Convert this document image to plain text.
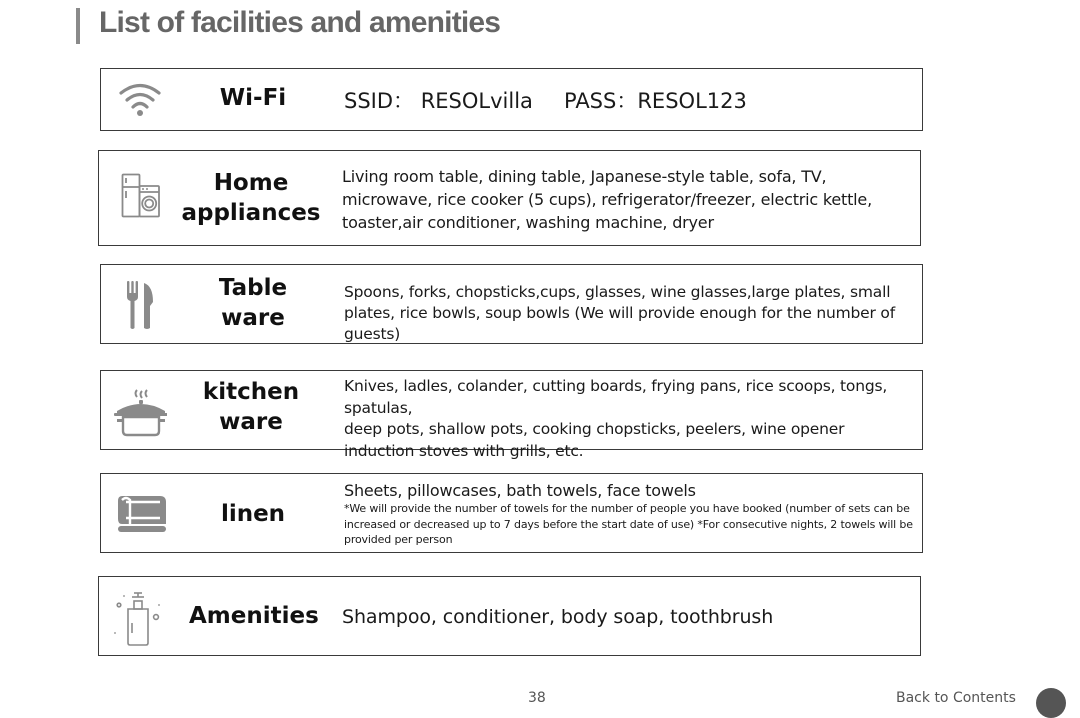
List of facilities and amenities
Wi-Fi	SSID： RESOLvilla PASS：RESOL123
Home
appliances
Living room table, dining table, Japanese-style table, sofa, TV, microwave, rice cooker (5 cups), refrigerator/freezer, electric kettle, toaster,air conditioner, washing machine, dryer
Table
ware
Spoons, forks, chopsticks,cups, glasses, wine glasses,large plates, small plates, rice bowls, soup bowls (We will provide enough for the number of guests)
kitchen
ware
Knives, ladles, colander, cutting boards, frying pans, rice scoops, tongs, spatulas,
deep pots, shallow pots, cooking chopsticks, peelers, wine opener
induction stoves with grills, etc.
linen
Sheets, pillowcases, bath towels, face towels
*We will provide the number of towels for the number of people you have booked (number of sets can be increased or decreased up to 7 days before the start date of use) *For consecutive nights, 2 towels will be provided per person
Amenities Shampoo, conditioner, body soap, toothbrush
38	Back to Contents
